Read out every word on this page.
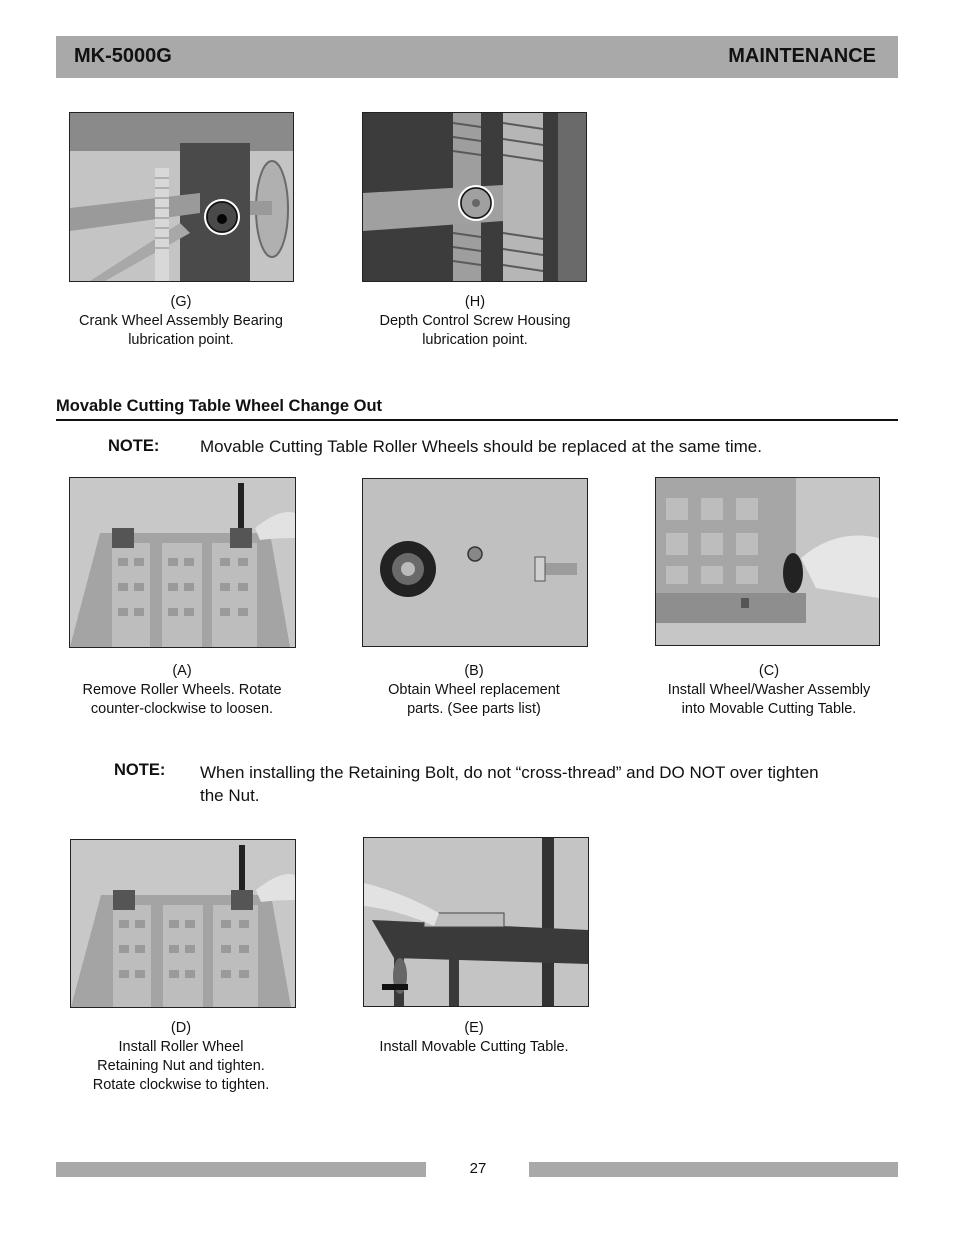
MK-5000G	MAINTENANCE
(G)
Crank Wheel Assembly Bearing
lubrication point.
(H)
Depth Control Screw Housing
lubrication point.
Movable Cutting Table Wheel Change Out
NOTE: Movable Cutting Table Roller Wheels should be replaced at the same time.
(A)
Remove Roller Wheels. Rotate
counter-clockwise to loosen.
(B)
Obtain Wheel replacement
parts. (See parts list)
(C)
Install Wheel/Washer Assembly
into Movable Cutting Table.
NOTE: When installing the Retaining Bolt, do not “cross-thread” and DO NOT over tighten
the Nut.
(D)
Install Roller Wheel
Retaining Nut and tighten.
Rotate clockwise to tighten.
(E)
Install Movable Cutting Table.
27
